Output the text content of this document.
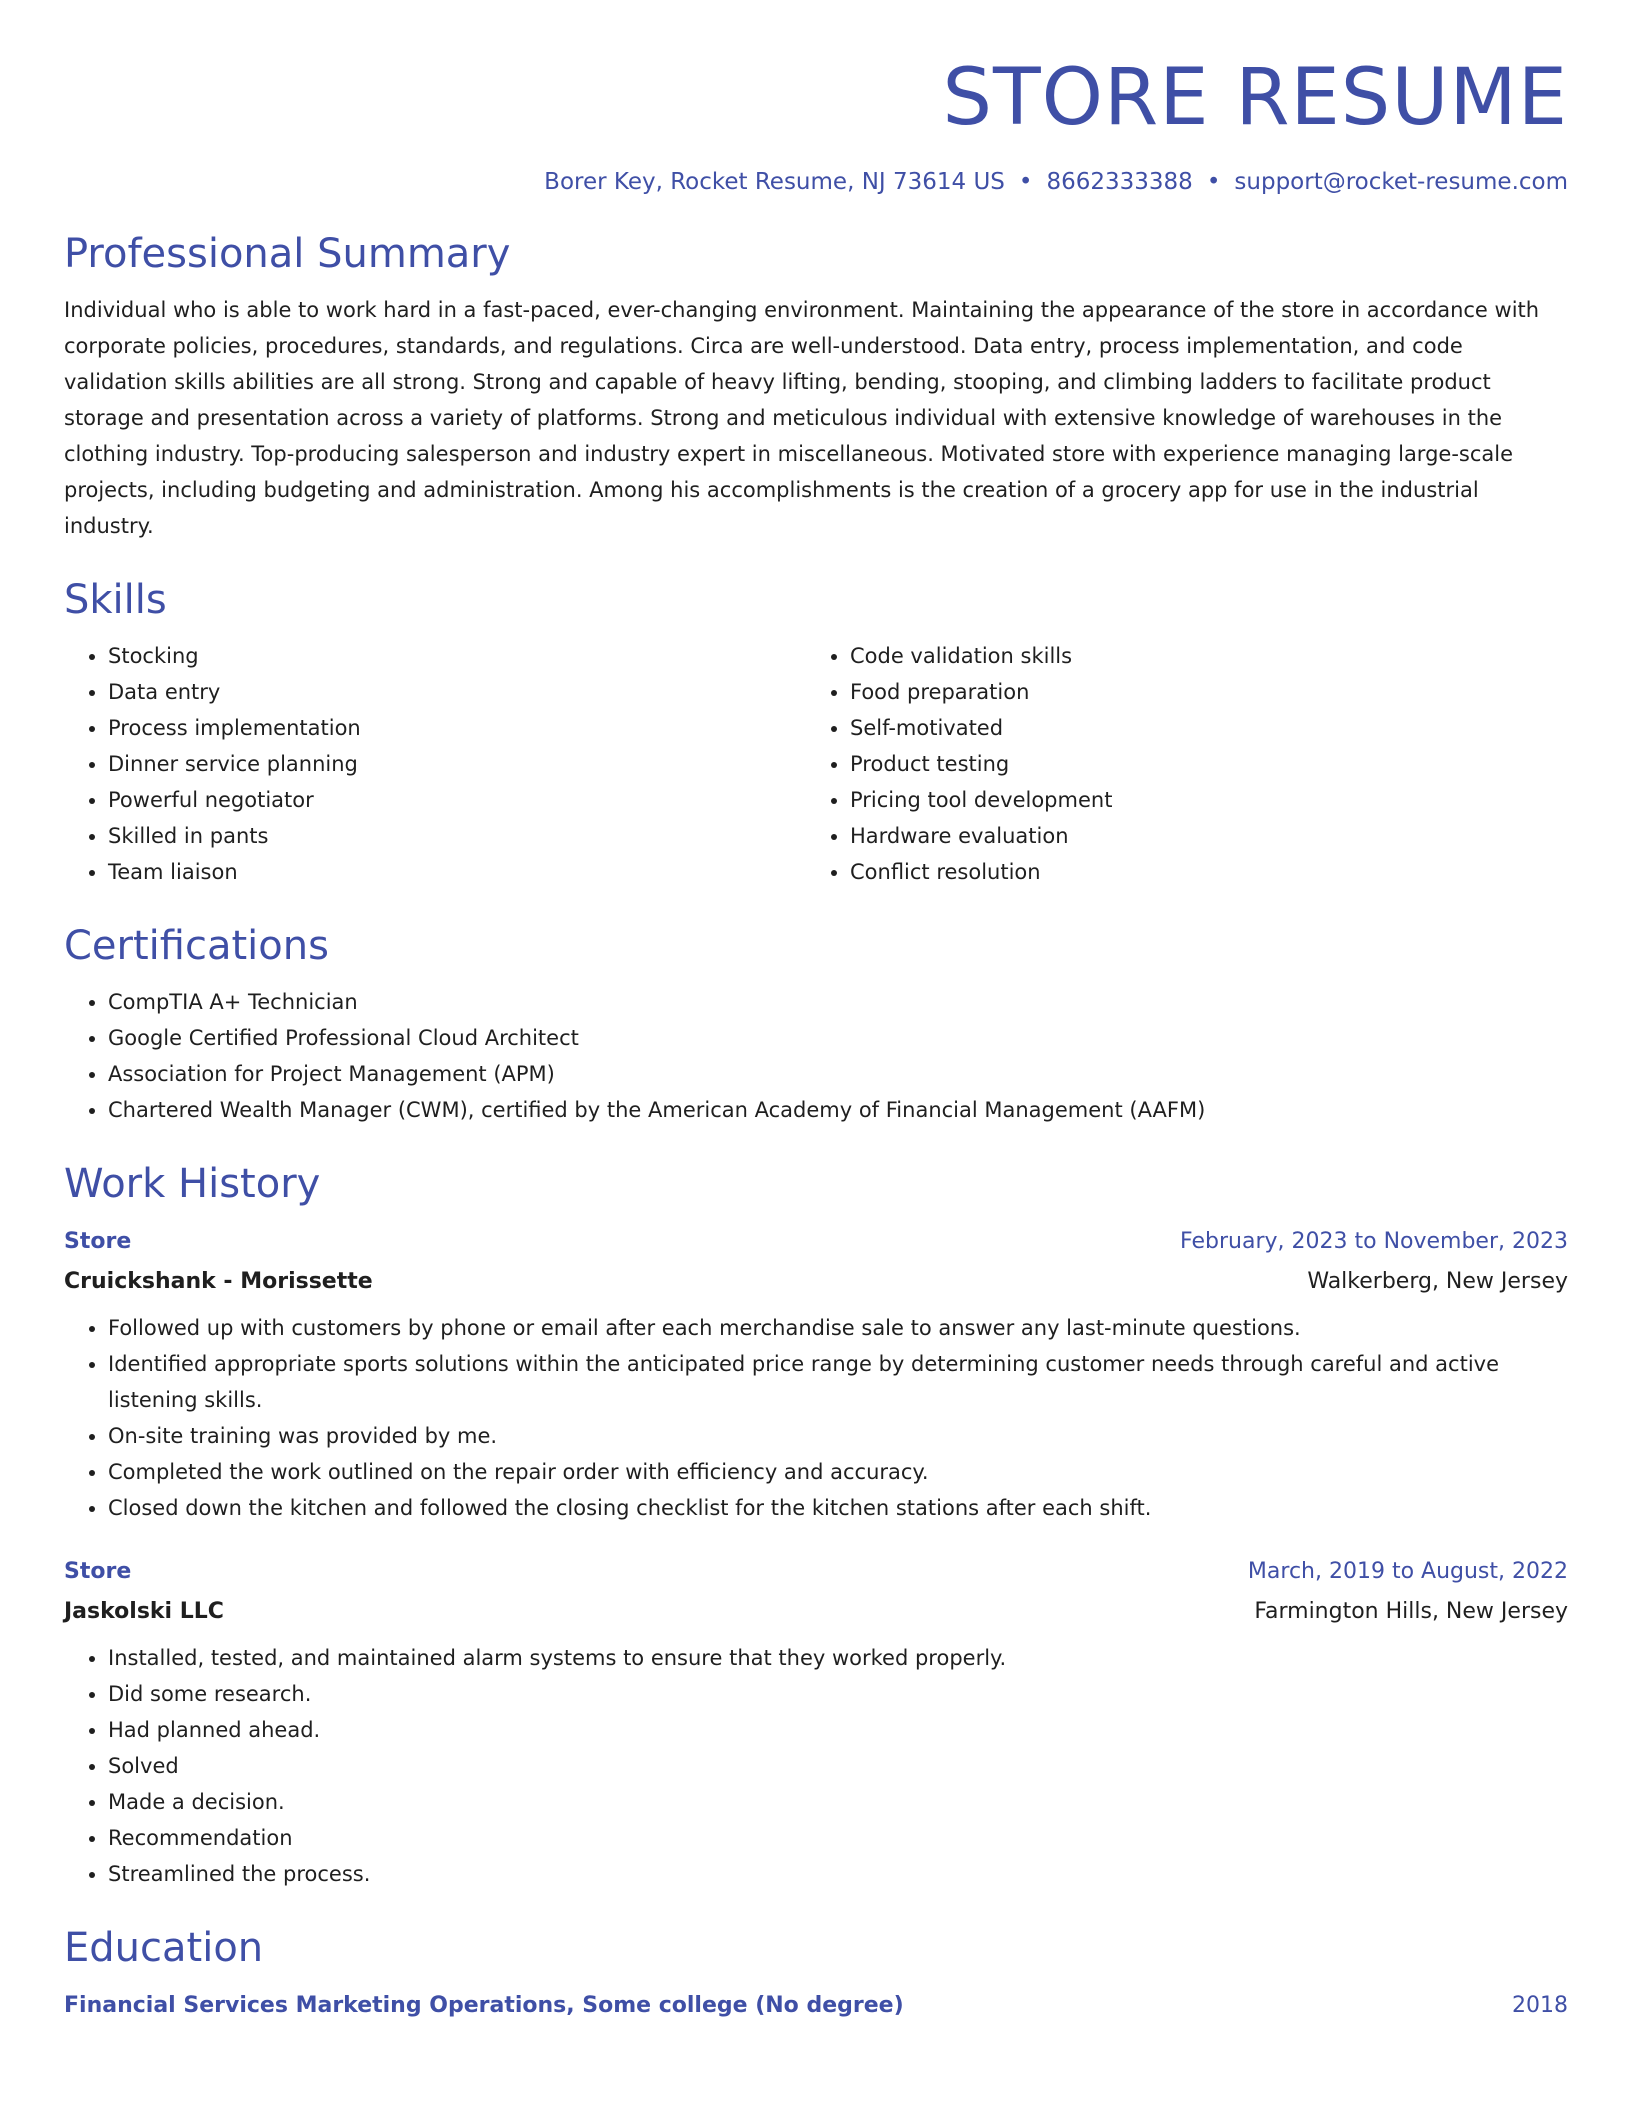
STORE RESUME
Borer Key, Rocket Resume, NJ 73614 US • 8662333388 • support@rocket-resume.com
Professional Summary

Individual who is able to work hard in a fast-paced, ever-changing environment. Maintaining the appearance of the store in accordance with corporate policies, procedures, standards, and regulations. Circa are well-understood. Data entry, process implementation, and code validation skills abilities are all strong. Strong and capable of heavy lifting, bending, stooping, and climbing ladders to facilitate product storage and presentation across a variety of platforms. Strong and meticulous individual with extensive knowledge of warehouses in the clothing industry. Top-producing salesperson and industry expert in miscellaneous. Motivated store with experience managing large-scale projects, including budgeting and administration. Among his accomplishments is the creation of a grocery app for use in the industrial industry.

Skills
• Stocking
• Data entry
• Process implementation
• Dinner service planning
• Powerful negotiator
• Skilled in pants
• Team liaison
• Code validation skills
• Food preparation
• Self-motivated
• Product testing
• Pricing tool development
• Hardware evaluation
• Conflict resolution
Certifications
• CompTIA A+ Technician
• Google Certified Professional Cloud Architect
• Association for Project Management (APM)
• Chartered Wealth Manager (CWM), certified by the American Academy of Financial Management (AAFM)
Work History
Store	February, 2023 to November, 2023
Cruickshank - Morissette	Walkerberg, New Jersey
• Followed up with customers by phone or email after each merchandise sale to answer any last-minute questions.
• Identified appropriate sports solutions within the anticipated price range by determining customer needs through careful and active listening skills.
• On-site training was provided by me.
• Completed the work outlined on the repair order with efficiency and accuracy.
• Closed down the kitchen and followed the closing checklist for the kitchen stations after each shift.
Store	March, 2019 to August, 2022
Jaskolski LLC	Farmington Hills, New Jersey
• Installed, tested, and maintained alarm systems to ensure that they worked properly.
• Did some research.
• Had planned ahead.
• Solved
• Made a decision.
• Recommendation
• Streamlined the process.
Education
Financial Services Marketing Operations, Some college (No degree)	2018
